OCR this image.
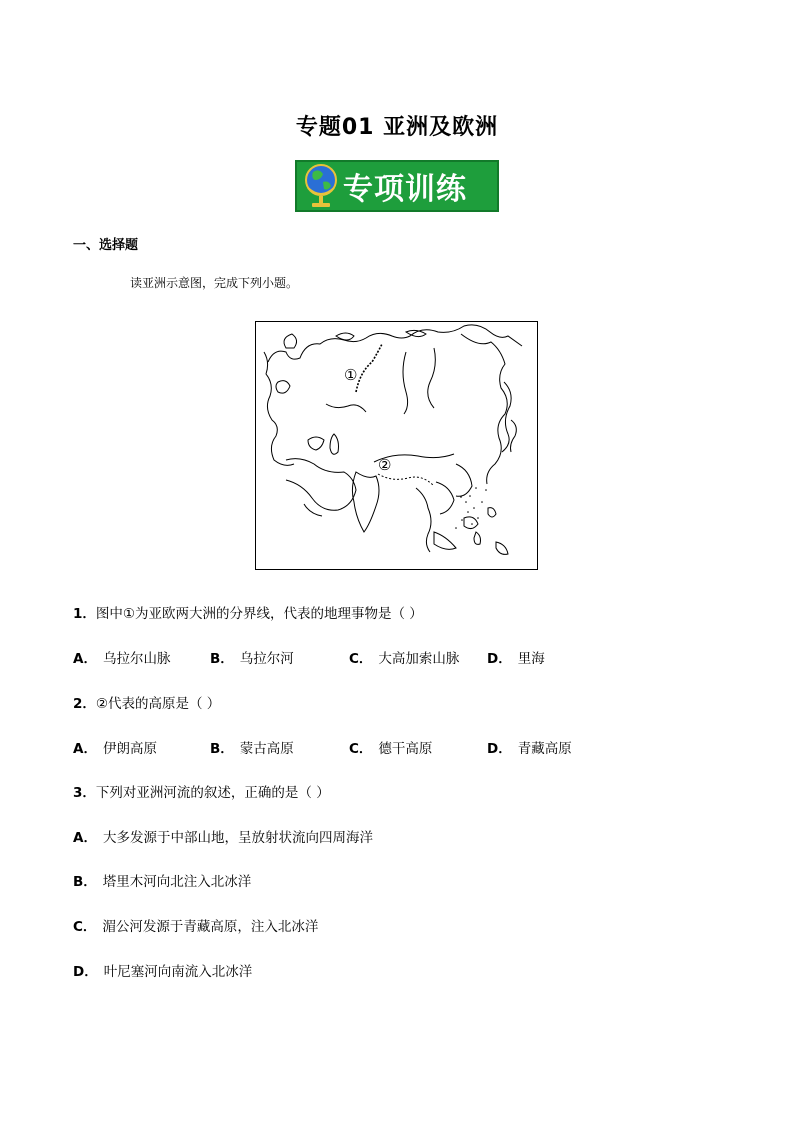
专题01 亚洲及欧洲
专项训练
一、选择题
读亚洲示意图，完成下列小题。
①
②
1．图中①为亚欧两大洲的分界线，代表的地理事物是（ ）
A． 乌拉尔山脉	B． 乌拉尔河	C． 大高加索山脉 D． 里海
2．②代表的高原是（ ）
A． 伊朗高原	B． 蒙古高原	C． 德干高原	D． 青藏高原
3．下列对亚洲河流的叙述，正确的是（ ）
A． 大多发源于中部山地，呈放射状流向四周海洋
B． 塔里木河向北注入北冰洋
C． 湄公河发源于青藏高原，注入北冰洋
D． 叶尼塞河向南流入北冰洋
